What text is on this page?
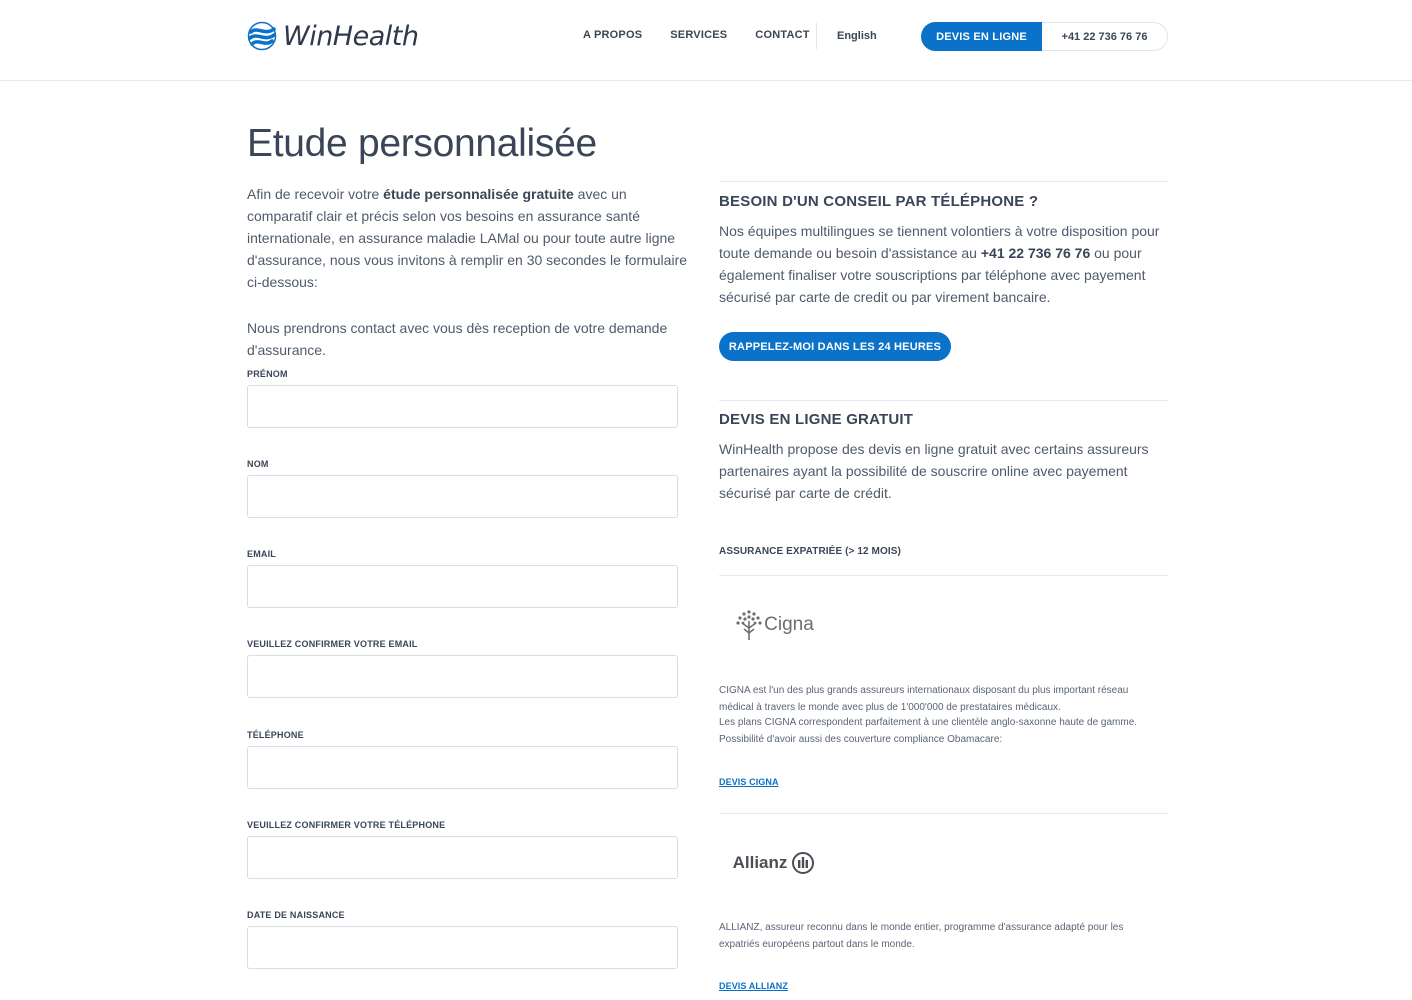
WinHealth	A PROPOS	SERVICES	CONTACT English	DEVIS EN LIGNE	+41 22 736 76 76
Etude personnalisée

Afin de recevoir votre étude personnalisée gratuite avec un comparatif clair et précis selon vos besoins en assurance santé internationale, en assurance maladie LAMal ou pour toute autre ligne d'assurance, nous vous invitons à remplir en 30 secondes le formulaire ci-dessous:

Nous prendrons contact avec vous dès reception de votre demande d'assurance.

PRÉNOM
NOM
EMAIL
VEUILLEZ CONFIRMER VOTRE EMAIL
TÉLÉPHONE
VEUILLEZ CONFIRMER VOTRE TÉLÉPHONE
DATE DE NAISSANCE
BESOIN D'UN CONSEIL PAR TÉLÉPHONE ?

Nos équipes multilingues se tiennent volontiers à votre disposition pour toute demande ou besoin d'assistance au +41 22 736 76 76 ou pour également finaliser votre souscriptions par téléphone avec payement sécurisé par carte de credit ou par virement bancaire.

RAPPELEZ-MOI DANS LES 24 HEURES
DEVIS EN LIGNE GRATUIT

WinHealth propose des devis en ligne gratuit avec certains assureurs partenaires ayant la possibilité de souscrire online avec payement sécurisé par carte de crédit.

ASSURANCE EXPATRIÉE (> 12 MOIS)
Cigna

CIGNA est l'un des plus grands assureurs internationaux disposant du plus important réseau médical à travers le monde avec plus de 1'000'000 de prestataires médicaux.

Les plans CIGNA correspondent parfaitement à une clientèle anglo-saxonne haute de gamme. Possibilité d'avoir aussi des couverture compliance Obamacare:

DEVIS CIGNA
Allianz

ALLIANZ, assureur reconnu dans le monde entier, programme d'assurance adapté pour les expatriés européens partout dans le monde.

DEVIS ALLIANZ
